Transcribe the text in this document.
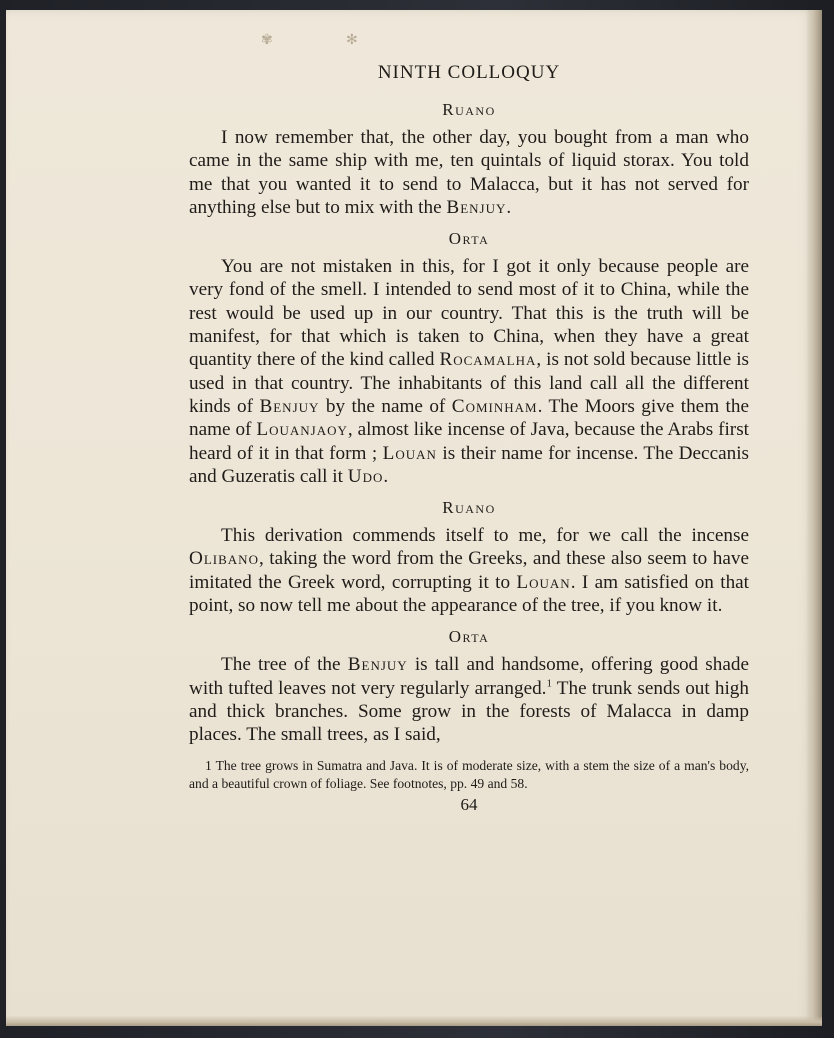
✾	✻
NINTH COLLOQUY
Ruano

I now remember that, the other day, you bought from a man who came in the same ship with me, ten quintals of liquid storax. You told me that you wanted it to send to Malacca, but it has not served for anything else but to mix with the Benjuy.

Orta

You are not mistaken in this, for I got it only because people are very fond of the smell. I intended to send most of it to China, while the rest would be used up in our country. That this is the truth will be manifest, for that which is taken to China, when they have a great quantity there of the kind called Rocamalha, is not sold because little is used in that country. The inhabitants of this land call all the different kinds of Benjuy by the name of Cominham. The Moors give them the name of Louanjaoy, almost like incense of Java, because the Arabs first heard of it in that form ; Louan is their name for incense. The Deccanis and Guzeratis call it Udo.

Ruano

This derivation commends itself to me, for we call the incense Olibano, taking the word from the Greeks, and these also seem to have imitated the Greek word, corrupting it to Louan. I am satisfied on that point, so now tell me about the appearance of the tree, if you know it.

Orta

The tree of the Benjuy is tall and handsome, offering good shade with tufted leaves not very regularly arranged.$^1$ The trunk sends out high and thick branches. Some grow in the forests of Malacca in damp places. The small trees, as I said,

1 The tree grows in Sumatra and Java. It is of moderate size, with a stem the size of a man's body, and a beautiful crown of foliage. See footnotes, pp. 49 and 58.
64
